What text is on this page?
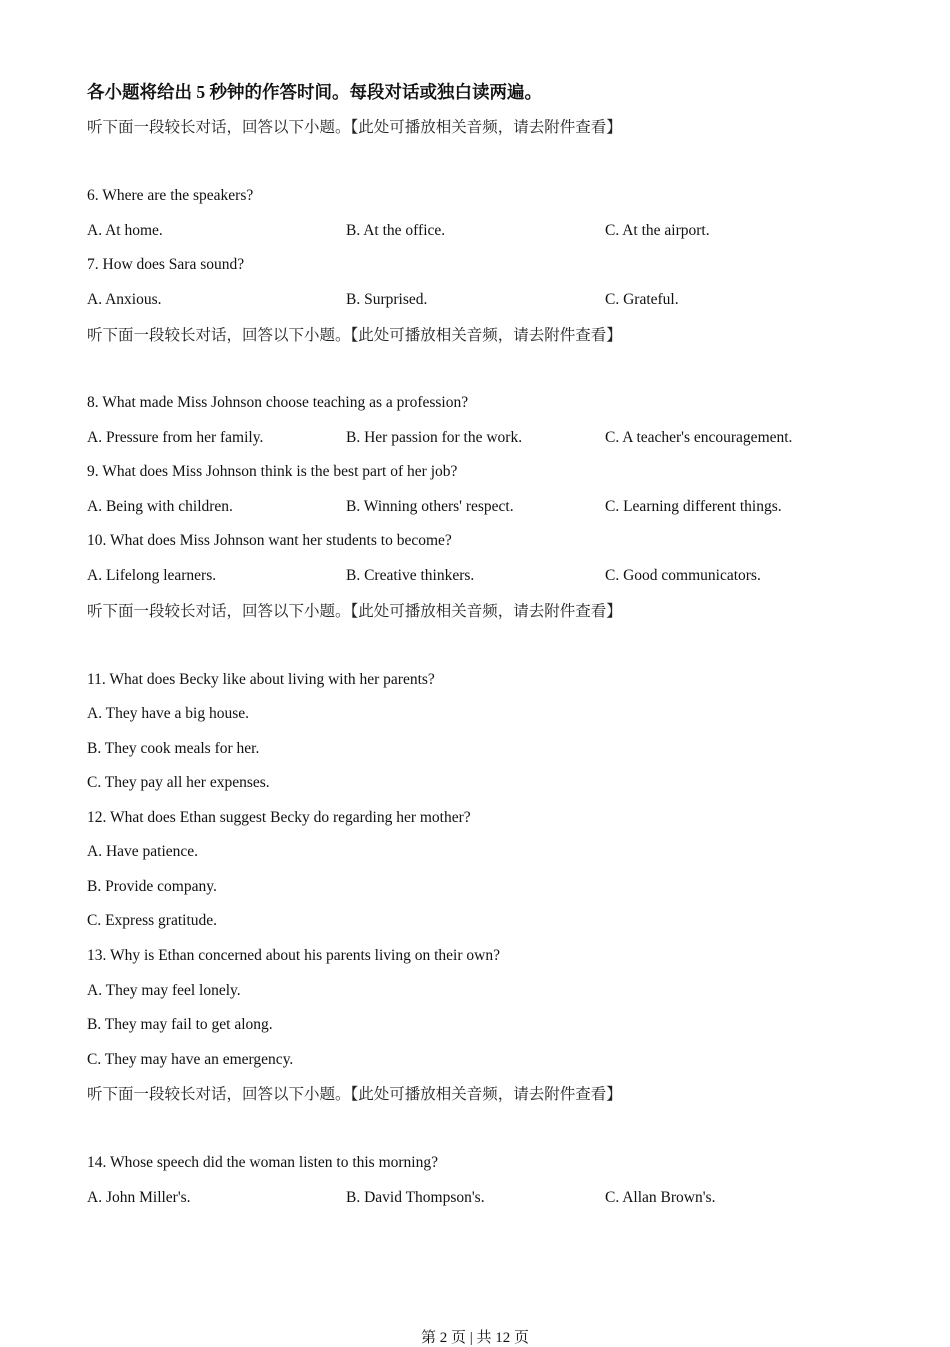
各小题将给出 5 秒钟的作答时间。每段对话或独白读两遍。
听下面一段较长对话，回答以下小题。【此处可播放相关音频，请去附件查看】
6. Where are the speakers?
A. At home.	B. At the office.	C. At the airport.
7. How does Sara sound?
A. Anxious.	B. Surprised.	C. Grateful.
听下面一段较长对话，回答以下小题。【此处可播放相关音频，请去附件查看】
8. What made Miss Johnson choose teaching as a profession?
A. Pressure from her family.	B. Her passion for the work.	C. A teacher's encouragement.
9. What does Miss Johnson think is the best part of her job?
A. Being with children.	B. Winning others' respect.	C. Learning different things.
10. What does Miss Johnson want her students to become?
A. Lifelong learners.	B. Creative thinkers.	C. Good communicators.
听下面一段较长对话，回答以下小题。【此处可播放相关音频，请去附件查看】
11. What does Becky like about living with her parents?
A. They have a big house.
B. They cook meals for her.
C. They pay all her expenses.
12. What does Ethan suggest Becky do regarding her mother?
A. Have patience.
B. Provide company.
C. Express gratitude.
13. Why is Ethan concerned about his parents living on their own?
A. They may feel lonely.
B. They may fail to get along.
C. They may have an emergency.
听下面一段较长对话，回答以下小题。【此处可播放相关音频，请去附件查看】
14. Whose speech did the woman listen to this morning?
A. John Miller's.	B. David Thompson's.	C. Allan Brown's.
第 2 页 | 共 12 页
